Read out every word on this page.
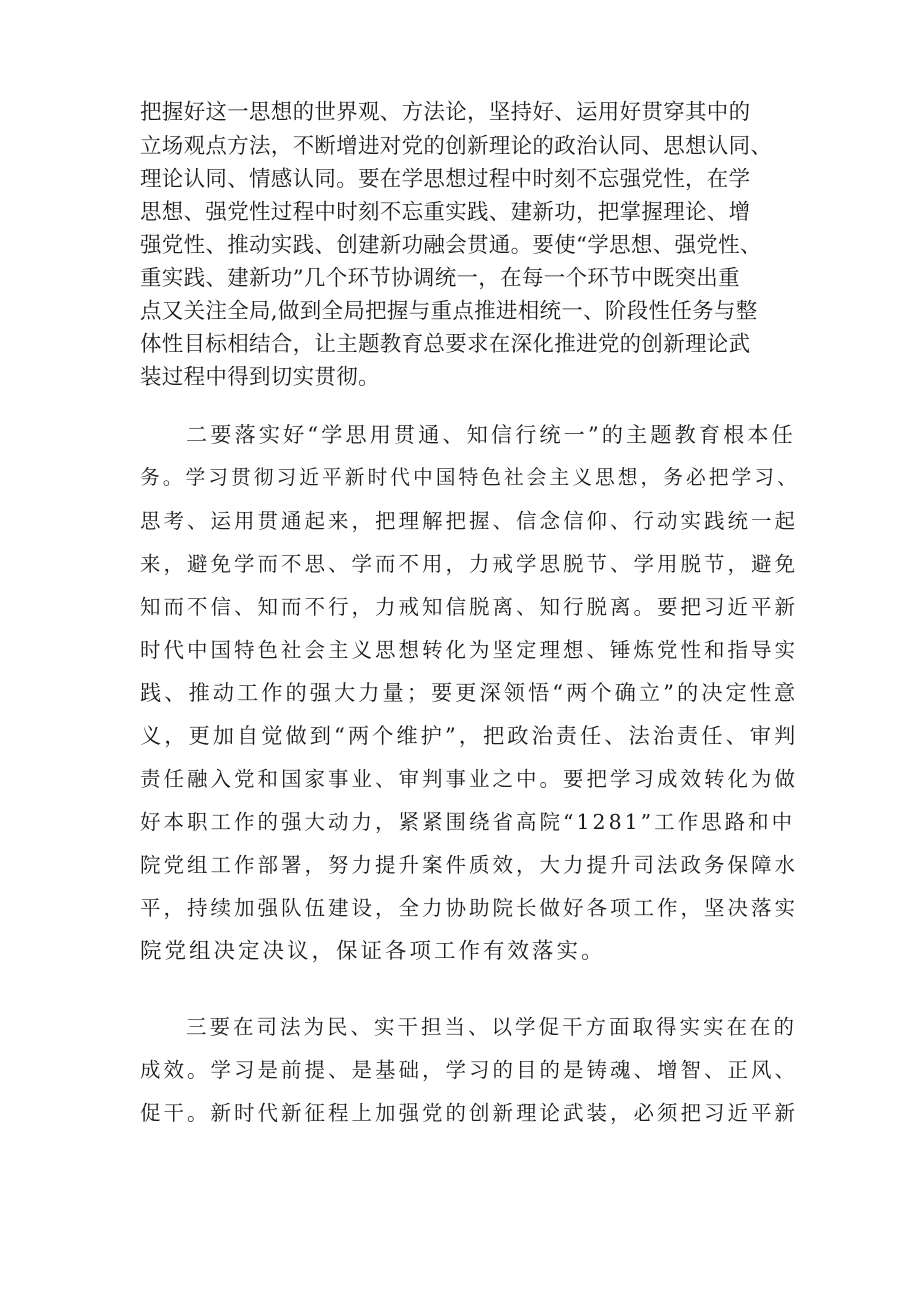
把握好这一思想的世界观、方法论，坚持好、运用好贯穿其中的
立场观点方法，不断增进对党的创新理论的政治认同、思想认同、
理论认同、情感认同。要在学思想过程中时刻不忘强党性，在学
思想、强党性过程中时刻不忘重实践、建新功，把掌握理论、增
强党性、推动实践、创建新功融会贯通。要使“学思想、强党性、
重实践、建新功”几个环节协调统一，在每一个环节中既突出重
点又关注全局,做到全局把握与重点推进相统一、阶段性任务与整
体性目标相结合，让主题教育总要求在深化推进党的创新理论武
装过程中得到切实贯彻。
二要落实好“学思用贯通、知信行统一”的主题教育根本任
务。学习贯彻习近平新时代中国特色社会主义思想，务必把学习、
思考、运用贯通起来，把理解把握、信念信仰、行动实践统一起
来，避免学而不思、学而不用，力戒学思脱节、学用脱节，避免
知而不信、知而不行，力戒知信脱离、知行脱离。要把习近平新
时代中国特色社会主义思想转化为坚定理想、锤炼党性和指导实
践、推动工作的强大力量；要更深领悟“两个确立”的决定性意
义，更加自觉做到“两个维护”，把政治责任、法治责任、审判
责任融入党和国家事业、审判事业之中。要把学习成效转化为做
好本职工作的强大动力，紧紧围绕省高院“1281”工作思路和中
院党组工作部署，努力提升案件质效，大力提升司法政务保障水
平，持续加强队伍建设，全力协助院长做好各项工作，坚决落实
院党组决定决议，保证各项工作有效落实。
三要在司法为民、实干担当、以学促干方面取得实实在在的
成效。学习是前提、是基础，学习的目的是铸魂、增智、正风、
促干。新时代新征程上加强党的创新理论武装，必须把习近平新
